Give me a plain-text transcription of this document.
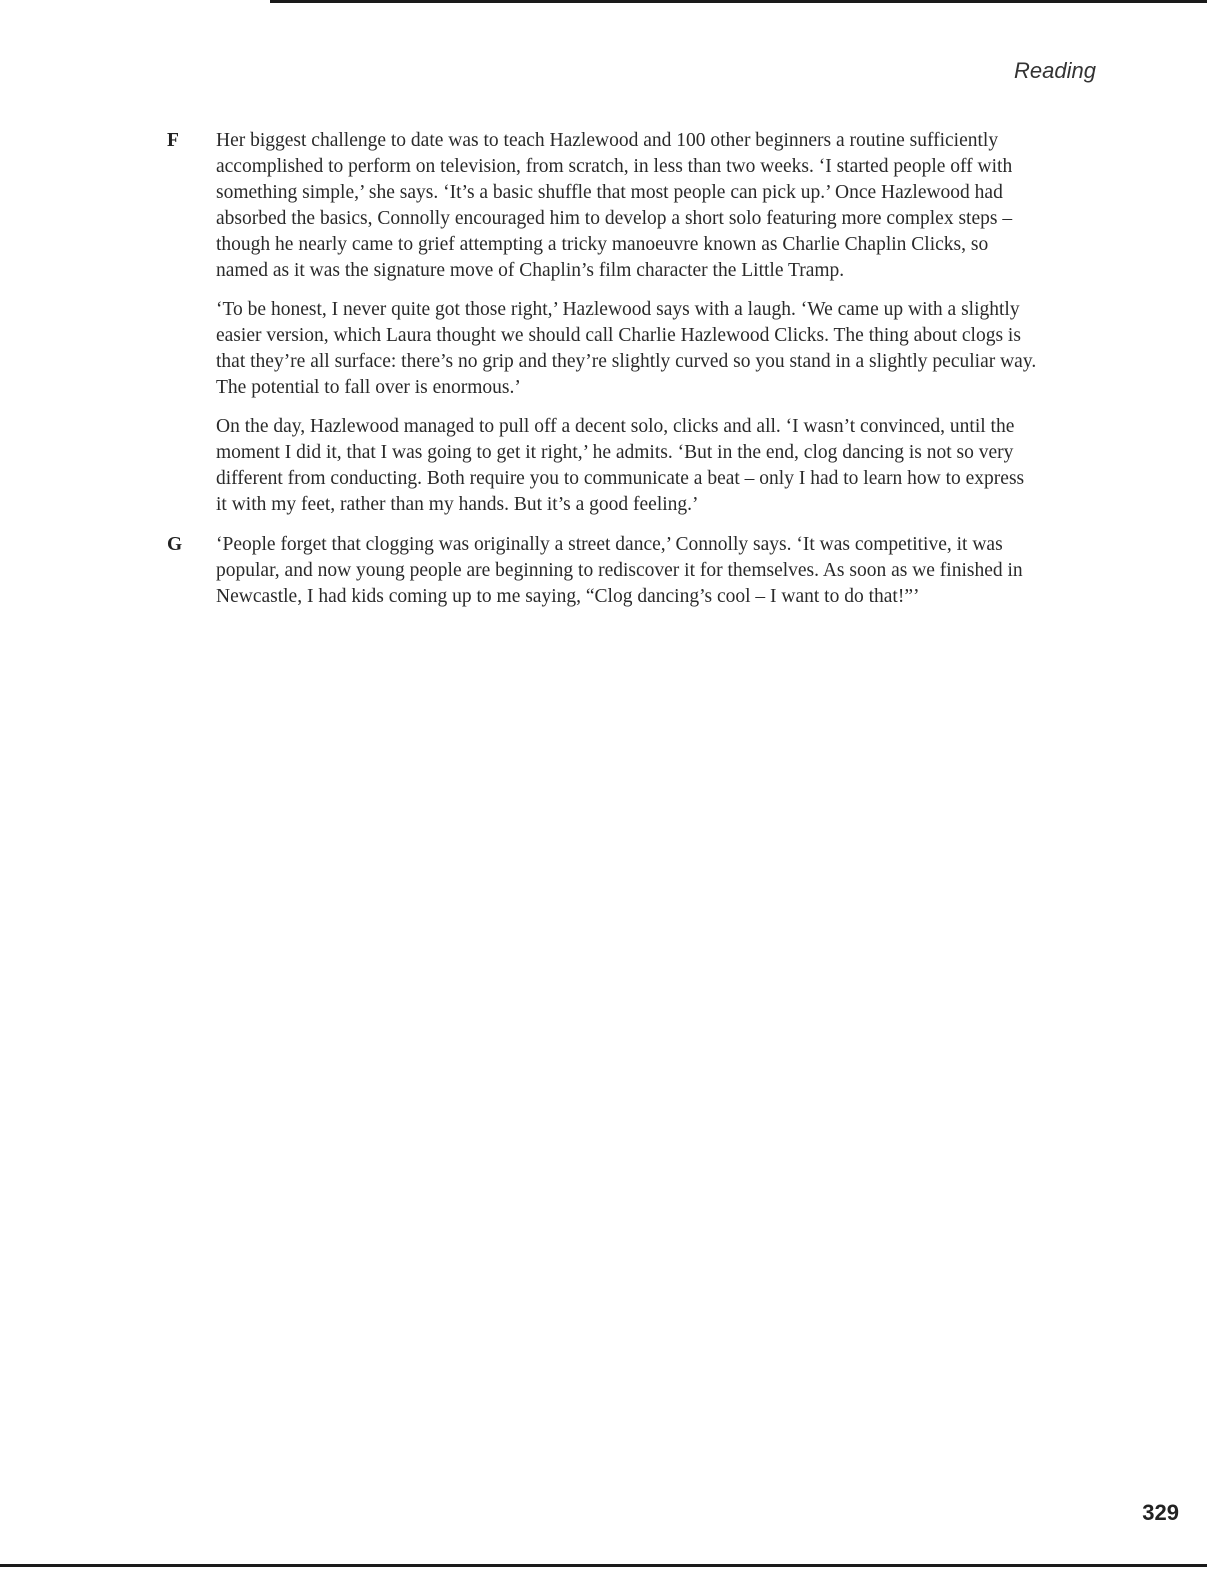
Reading
F Her biggest challenge to date was to teach Hazlewood and 100 other beginners a routine sufficiently accomplished to perform on television, from scratch, in less than two weeks. ‘I started people off with something simple,’ she says. ‘It’s a basic shuffle that most people can pick up.’ Once Hazlewood had absorbed the basics, Connolly encouraged him to develop a short solo featuring more complex steps – though he nearly came to grief attempting a tricky manoeuvre known as Charlie Chaplin Clicks, so named as it was the signature move of Chaplin’s film character the Little Tramp.

‘To be honest, I never quite got those right,’ Hazlewood says with a laugh. ‘We came up with a slightly easier version, which Laura thought we should call Charlie Hazlewood Clicks. The thing about clogs is that they’re all surface: there’s no grip and they’re slightly curved so you stand in a slightly peculiar way. The potential to fall over is enormous.’

On the day, Hazlewood managed to pull off a decent solo, clicks and all. ‘I wasn’t convinced, until the moment I did it, that I was going to get it right,’ he admits. ‘But in the end, clog dancing is not so very different from conducting. Both require you to communicate a beat – only I had to learn how to express it with my feet, rather than my hands. But it’s a good feeling.’

G ‘People forget that clogging was originally a street dance,’ Connolly says. ‘It was competitive, it was popular, and now young people are beginning to rediscover it for themselves. As soon as we finished in Newcastle, I had kids coming up to me saying, “Clog dancing’s cool – I want to do that!”’

329
